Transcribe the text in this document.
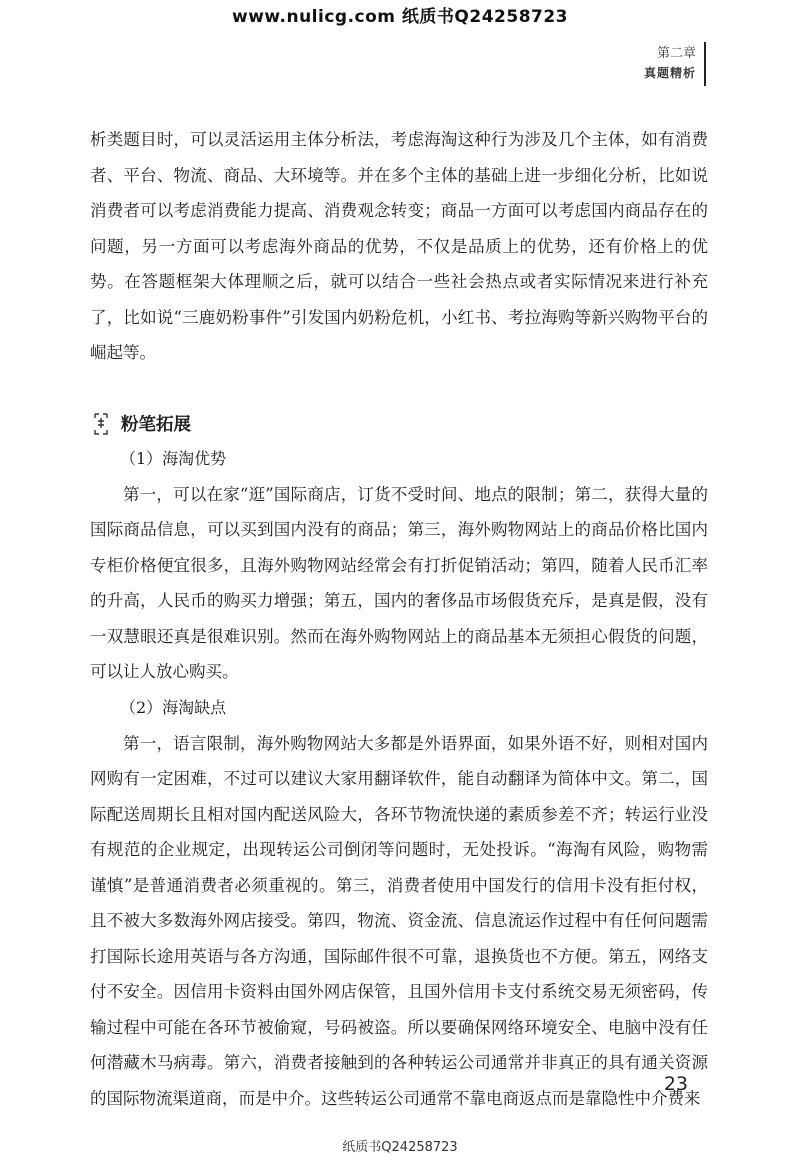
www.nulicg.com 纸质书Q24258723
第二章
真题精析

析类题目时，可以灵活运用主体分析法，考虑海淘这种行为涉及几个主体，如有消费者、平台、物流、商品、大环境等。并在多个主体的基础上进一步细化分析，比如说消费者可以考虑消费能力提高、消费观念转变；商品一方面可以考虑国内商品存在的问题，另一方面可以考虑海外商品的优势，不仅是品质上的优势，还有价格上的优势。在答题框架大体理顺之后，就可以结合一些社会热点或者实际情况来进行补充了，比如说“三鹿奶粉事件”引发国内奶粉危机，小红书、考拉海购等新兴购物平台的崛起等。

粉笔拓展

（1）海淘优势

第一，可以在家“逛”国际商店，订货不受时间、地点的限制；第二，获得大量的国际商品信息，可以买到国内没有的商品；第三，海外购物网站上的商品价格比国内专柜价格便宜很多，且海外购物网站经常会有打折促销活动；第四，随着人民币汇率的升高，人民币的购买力增强；第五，国内的奢侈品市场假货充斥，是真是假，没有一双慧眼还真是很难识别。然而在海外购物网站上的商品基本无须担心假货的问题，可以让人放心购买。

（2）海淘缺点

第一，语言限制，海外购物网站大多都是外语界面，如果外语不好，则相对国内网购有一定困难，不过可以建议大家用翻译软件，能自动翻译为简体中文。第二，国际配送周期长且相对国内配送风险大，各环节物流快递的素质参差不齐；转运行业没有规范的企业规定，出现转运公司倒闭等问题时，无处投诉。“海淘有风险，购物需谨慎”是普通消费者必须重视的。第三，消费者使用中国发行的信用卡没有拒付权，且不被大多数海外网店接受。第四，物流、资金流、信息流运作过程中有任何问题需打国际长途用英语与各方沟通，国际邮件很不可靠，退换货也不方便。第五，网络支付不安全。因信用卡资料由国外网店保管，且国外信用卡支付系统交易无须密码，传输过程中可能在各环节被偷窥，号码被盗。所以要确保网络环境安全、电脑中没有任何潜藏木马病毒。第六，消费者接触到的各种转运公司通常并非真正的具有通关资源的国际物流渠道商，而是中介。这些转运公司通常不靠电商返点而是靠隐性中介费来

23
纸质书Q24258723
